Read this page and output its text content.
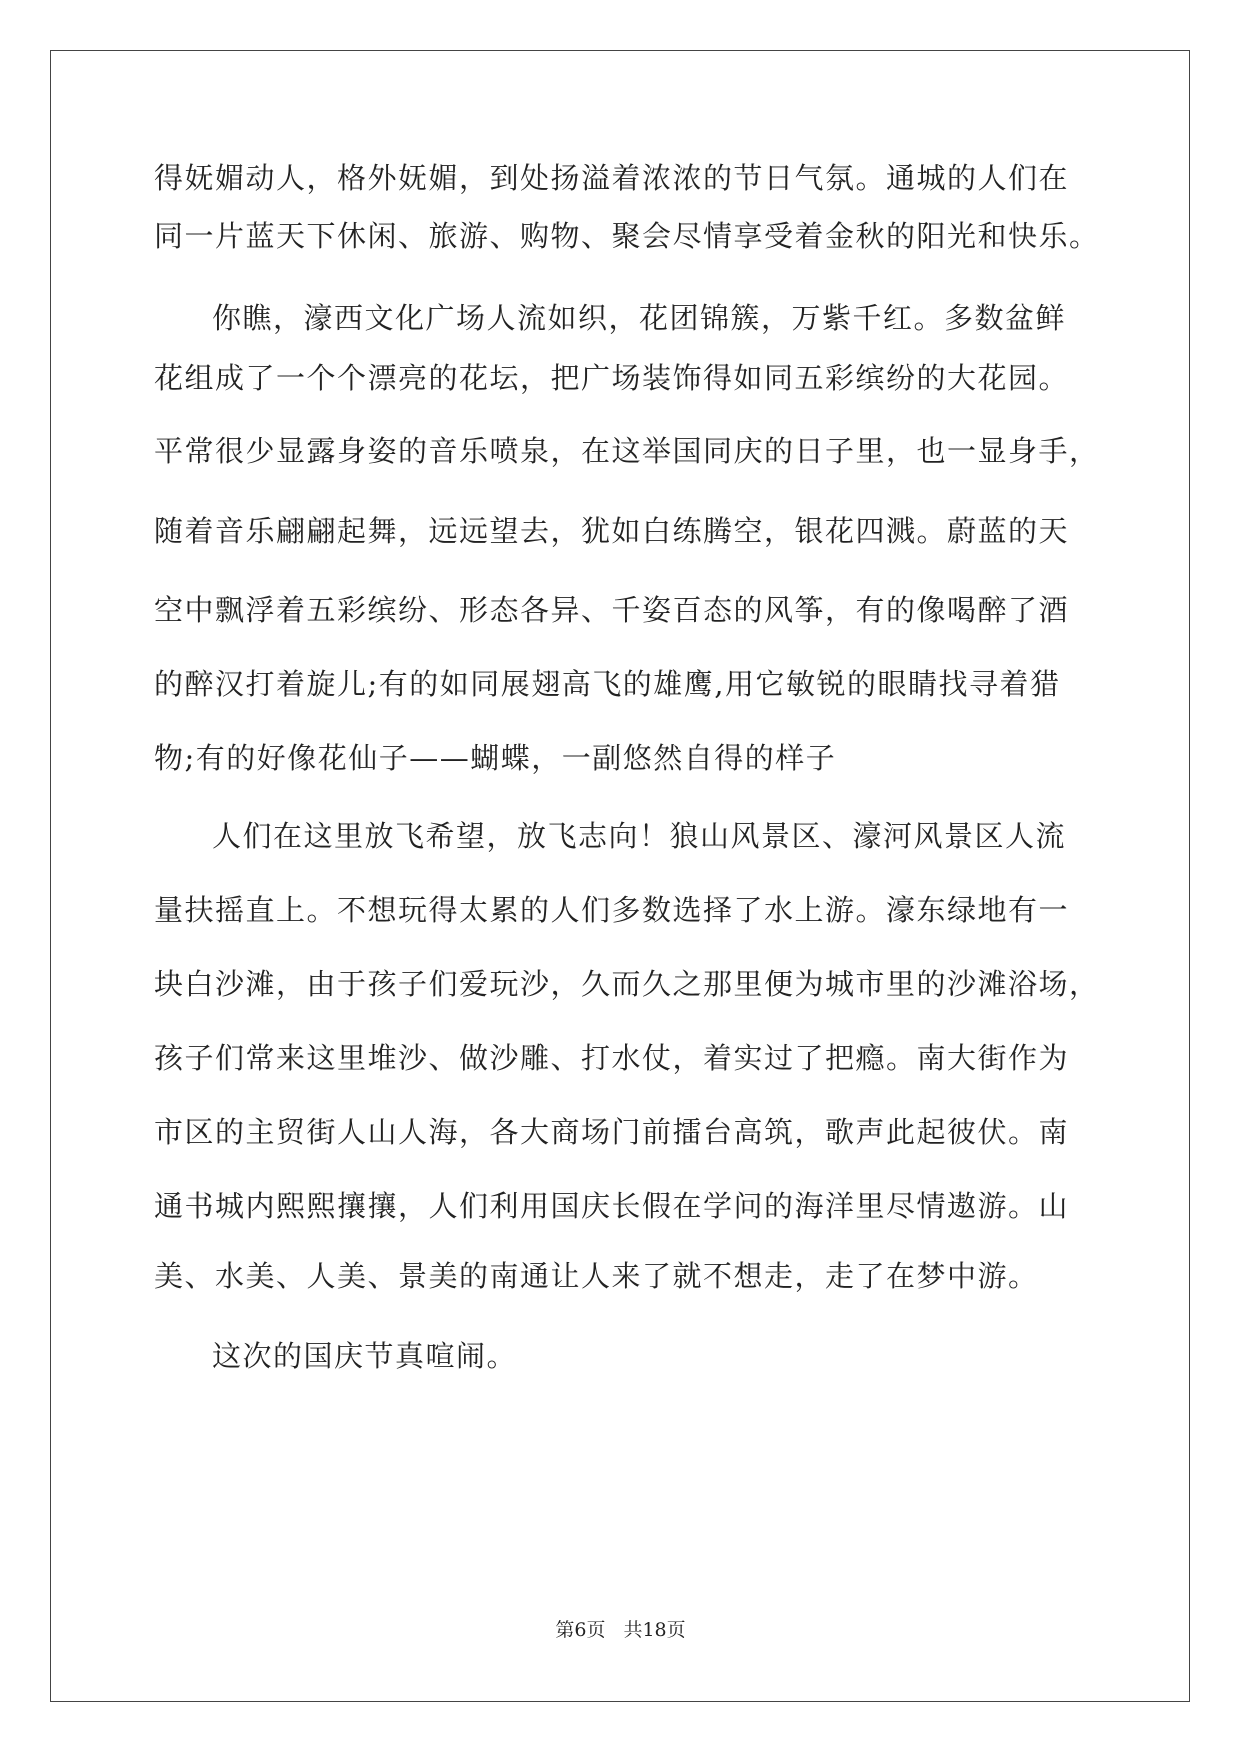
得妩媚动人，格外妩媚，到处扬溢着浓浓的节日气氛。通城的人们在
同一片蓝天下休闲、旅游、购物、聚会尽情享受着金秋的阳光和快乐。
你瞧，濠西文化广场人流如织，花团锦簇，万紫千红。多数盆鲜
花组成了一个个漂亮的花坛，把广场装饰得如同五彩缤纷的大花园。
平常很少显露身姿的音乐喷泉，在这举国同庆的日子里，也一显身手，
随着音乐翩翩起舞，远远望去，犹如白练腾空，银花四溅。蔚蓝的天
空中飘浮着五彩缤纷、形态各异、千姿百态的风筝，有的像喝醉了酒
的醉汉打着旋儿;有的如同展翅高飞的雄鹰,用它敏锐的眼睛找寻着猎
物;有的好像花仙子——蝴蝶，一副悠然自得的样子
人们在这里放飞希望，放飞志向！狼山风景区、濠河风景区人流
量扶摇直上。不想玩得太累的人们多数选择了水上游。濠东绿地有一
块白沙滩，由于孩子们爱玩沙，久而久之那里便为城市里的沙滩浴场，
孩子们常来这里堆沙、做沙雕、打水仗，着实过了把瘾。南大街作为
市区的主贸街人山人海，各大商场门前擂台高筑，歌声此起彼伏。南
通书城内熙熙攘攘，人们利用国庆长假在学问的海洋里尽情遨游。山
美、水美、人美、景美的南通让人来了就不想走，走了在梦中游。
这次的国庆节真喧闹。
第6页 共18页
